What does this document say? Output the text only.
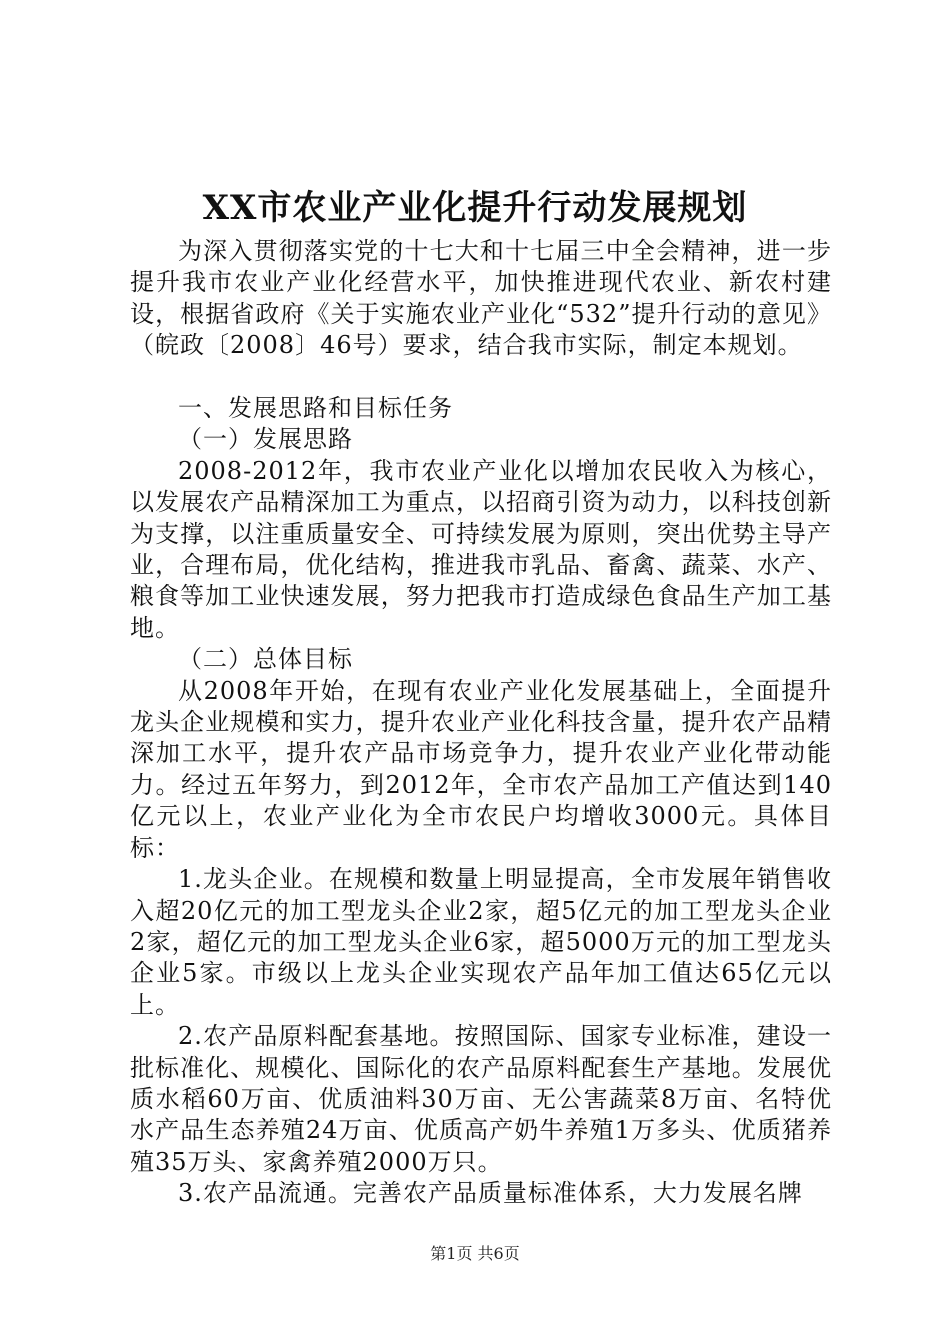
XX市农业产业化提升行动发展规划

为深入贯彻落实党的十七大和十七届三中全会精神，进一步提升我市农业产业化经营水平，加快推进现代农业、新农村建设，根据省政府《关于实施农业产业化“532”提升行动的意见》（皖政〔2008〕46号）要求，结合我市实际，制定本规划。

一、发展思路和目标任务

（一）发展思路

2008-2012年，我市农业产业化以增加农民收入为核心，以发展农产品精深加工为重点，以招商引资为动力，以科技创新为支撑，以注重质量安全、可持续发展为原则，突出优势主导产业，合理布局，优化结构，推进我市乳品、畜禽、蔬菜、水产、粮食等加工业快速发展，努力把我市打造成绿色食品生产加工基地。

（二）总体目标

从2008年开始，在现有农业产业化发展基础上，全面提升龙头企业规模和实力，提升农业产业化科技含量，提升农产品精深加工水平，提升农产品市场竞争力，提升农业产业化带动能力。经过五年努力，到2012年，全市农产品加工产值达到140亿元以上，农业产业化为全市农民户均增收3000元。具体目标：

1.龙头企业。在规模和数量上明显提高，全市发展年销售收入超20亿元的加工型龙头企业2家，超5亿元的加工型龙头企业2家，超亿元的加工型龙头企业6家，超5000万元的加工型龙头企业5家。市级以上龙头企业实现农产品年加工值达65亿元以上。

2.农产品原料配套基地。按照国际、国家专业标准，建设一批标准化、规模化、国际化的农产品原料配套生产基地。发展优质水稻60万亩、优质油料30万亩、无公害蔬菜8万亩、名特优水产品生态养殖24万亩、优质高产奶牛养殖1万多头、优质猪养殖35万头、家禽养殖2000万只。

3.农产品流通。完善农产品质量标准体系，大力发展名牌

第1页 共6页
